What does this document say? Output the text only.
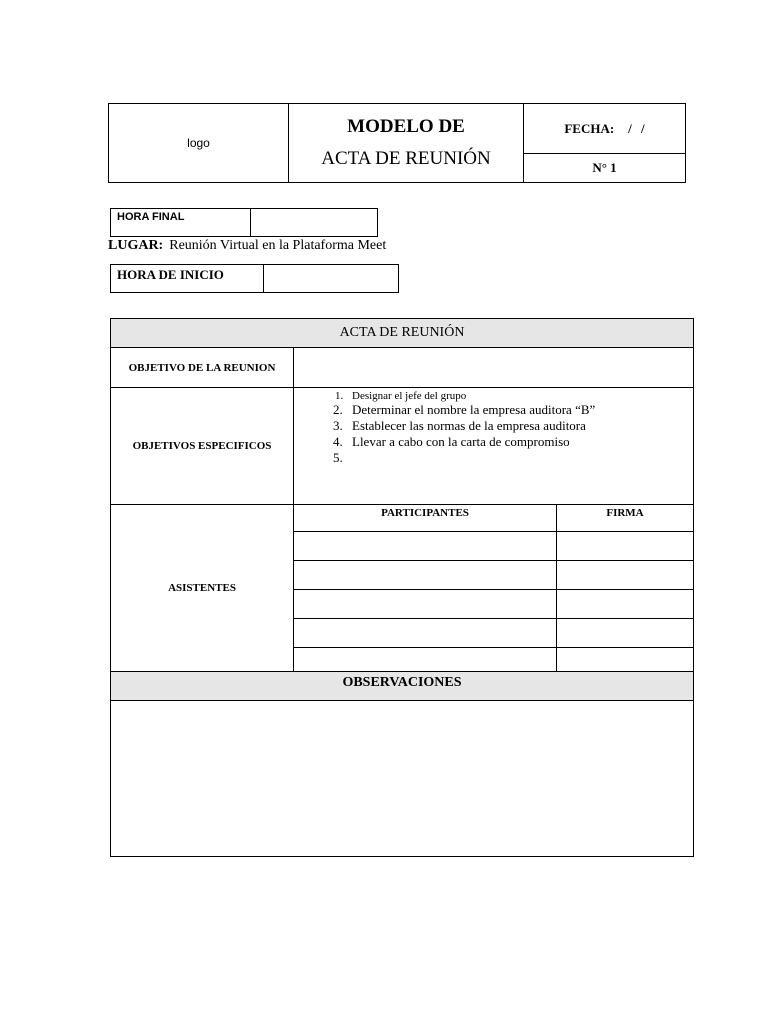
logo
MODELO DE
ACTA DE REUNIÓN
FECHA: / /
N° 1
HORA FINAL
LUGAR: Reunión Virtual en la Plataforma Meet
HORA DE INICIO
ACTA DE REUNIÓN
OBJETIVO DE LA REUNION
OBJETIVOS ESPECIFICOS
1. Designar el jefe del grupo
2. Determinar el nombre la empresa auditora “B”
3. Establecer las normas de la empresa auditora
4. Llevar a cabo con la carta de compromiso
5.
ASISTENTES
PARTICIPANTES	FIRMA
OBSERVACIONES
